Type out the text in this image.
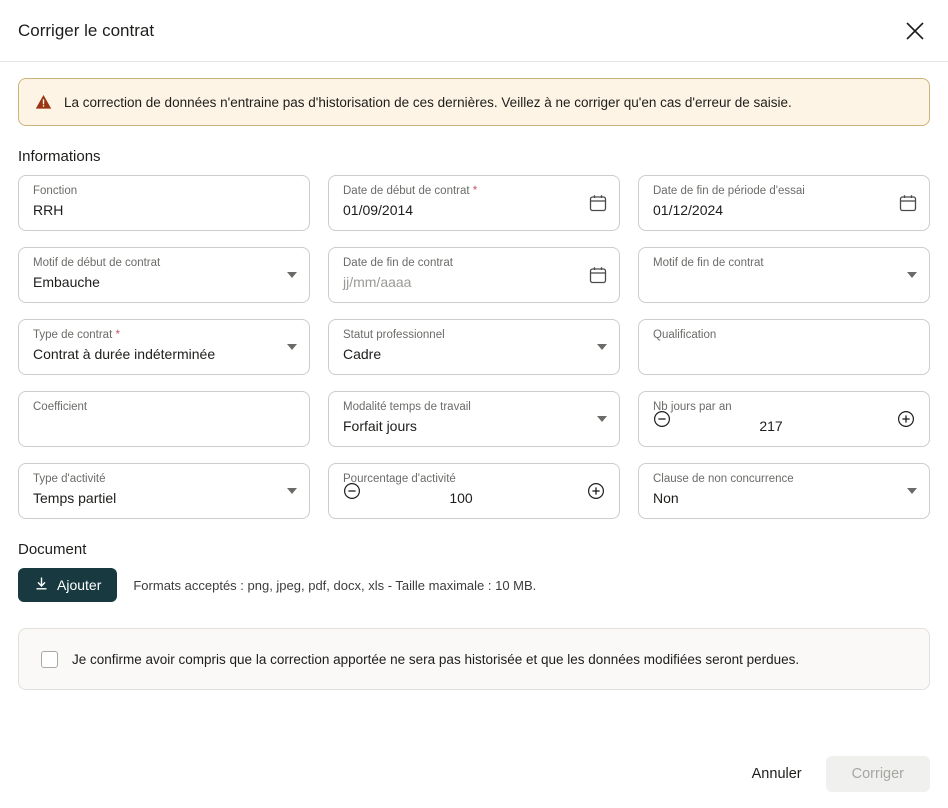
Corriger le contrat
La correction de données n'entraine pas d'historisation de ces dernières. Veillez à ne corriger qu'en cas d'erreur de saisie.
Informations
Fonction
RRH
Date de début de contrat *
01/09/2014
Date de fin de période d'essai
01/12/2024
Motif de début de contrat
Embauche
Date de fin de contrat
jj/mm/aaaa
Motif de fin de contrat
Type de contrat *
Contrat à durée indéterminée
Statut professionnel
Cadre
Qualification
Coefficient	Modalité temps de travail
Forfait jours
Nb jours par an
217
Type d'activité
Temps partiel
Pourcentage d'activité
100
Clause de non concurrence
Non
Document
Ajouter Formats acceptés : png, jpeg, pdf, docx, xls - Taille maximale : 10 MB.
Je confirme avoir compris que la correction apportée ne sera pas historisée et que les données modifiées seront perdues.
Annuler	Corriger
